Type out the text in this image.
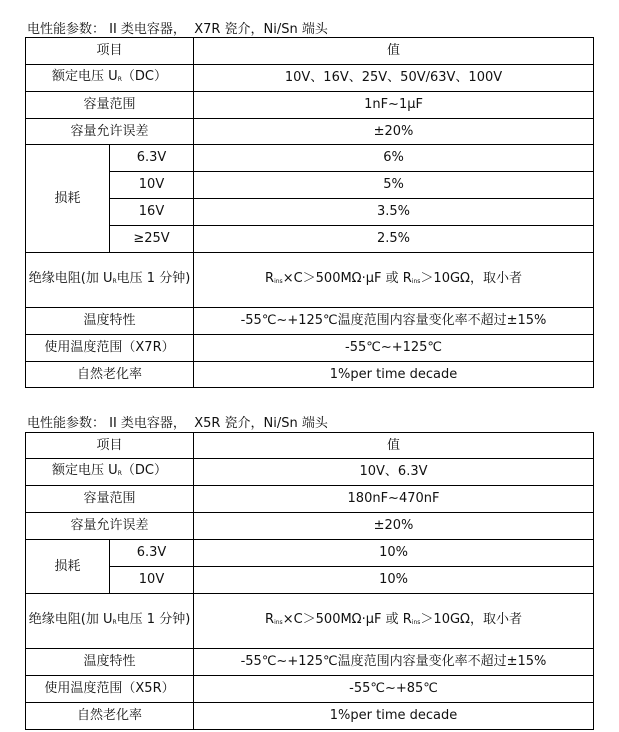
电性能参数： II 类电容器，  X7R 瓷介，Ni/Sn 端头
项目		值
额定电压 UR（DC）		10V、16V、25V、50V/63V、100V
容量范围		1nF~1μF
容量允许误差		±20%
损耗	6.3V	6%
	10V	5%
	16V	3.5%
	≥25V	2.5%
绝缘电阻(加 UR电压 1 分钟)		Rins×C＞500MΩ·μF 或 Rins＞10GΩ，取小者
温度特性		-55℃~+125℃温度范围内容量变化率不超过±15%
使用温度范围（X7R）		-55℃~+125℃
自然老化率		1%per time decade
电性能参数： II 类电容器，  X5R 瓷介，Ni/Sn 端头
项目		值
额定电压 UR（DC）		10V、6.3V
容量范围		180nF~470nF
容量允许误差		±20%
损耗	6.3V	10%
	10V	10%
绝缘电阻(加 UR电压 1 分钟)		Rins×C＞500MΩ·μF 或 Rins＞10GΩ，取小者
温度特性		-55℃~+125℃温度范围内容量变化率不超过±15%
使用温度范围（X5R）		-55℃~+85℃
自然老化率		1%per time decade
